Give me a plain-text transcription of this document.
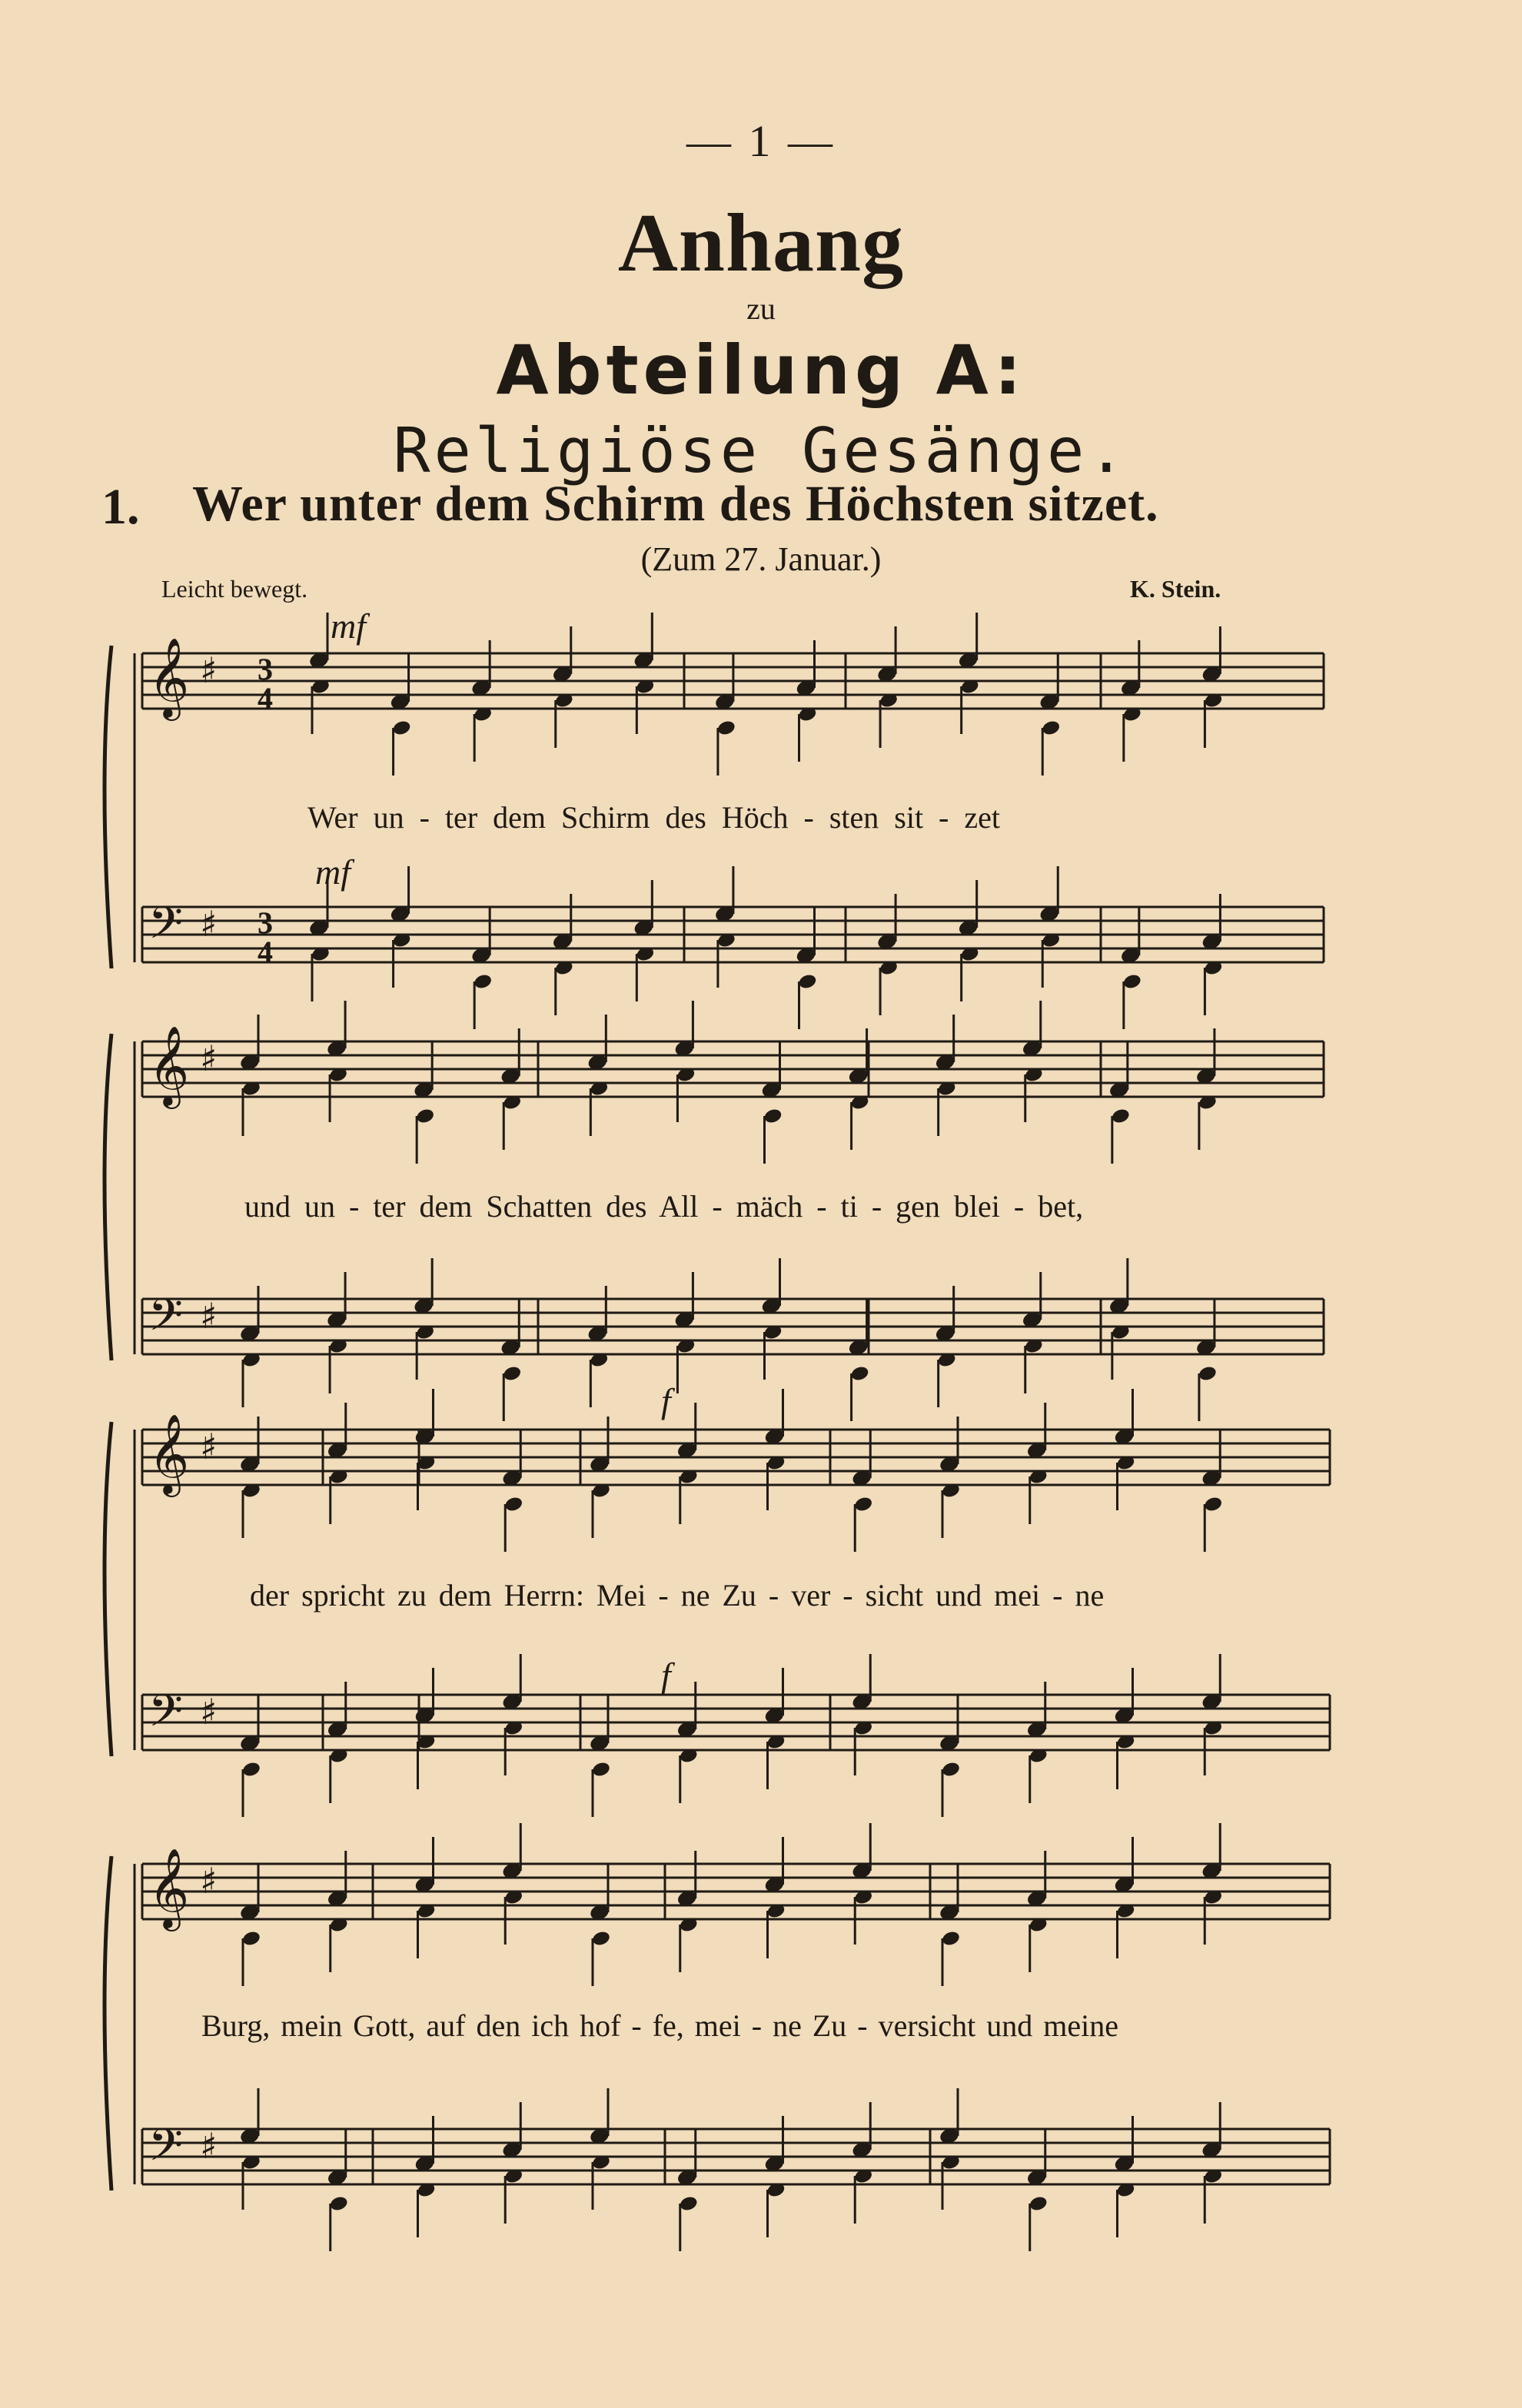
— 1 —
Anhang
zu
Abteilung A:
Religiöse Gesänge.
1. Wer unter dem Schirm des Höchsten sitzet.
(Zum 27. Januar.)
Leicht bewegt.	K. Stein.
♯
♯
𝄞
𝄢
3
4
3
4
♯
♯
𝄞
𝄢
♯
♯
𝄞
𝄢
♯
♯
𝄞
𝄢
mf
mf
f
f
Wer un - ter dem Schirm des Höch - sten sit - zet
und un - ter dem Schatten des All - mäch - ti - gen blei - bet,
der spricht zu dem Herrn: Mei - ne Zu - ver - sicht und mei - ne
Burg, mein Gott, auf den ich hof - fe, mei - ne Zu - versicht und meine
